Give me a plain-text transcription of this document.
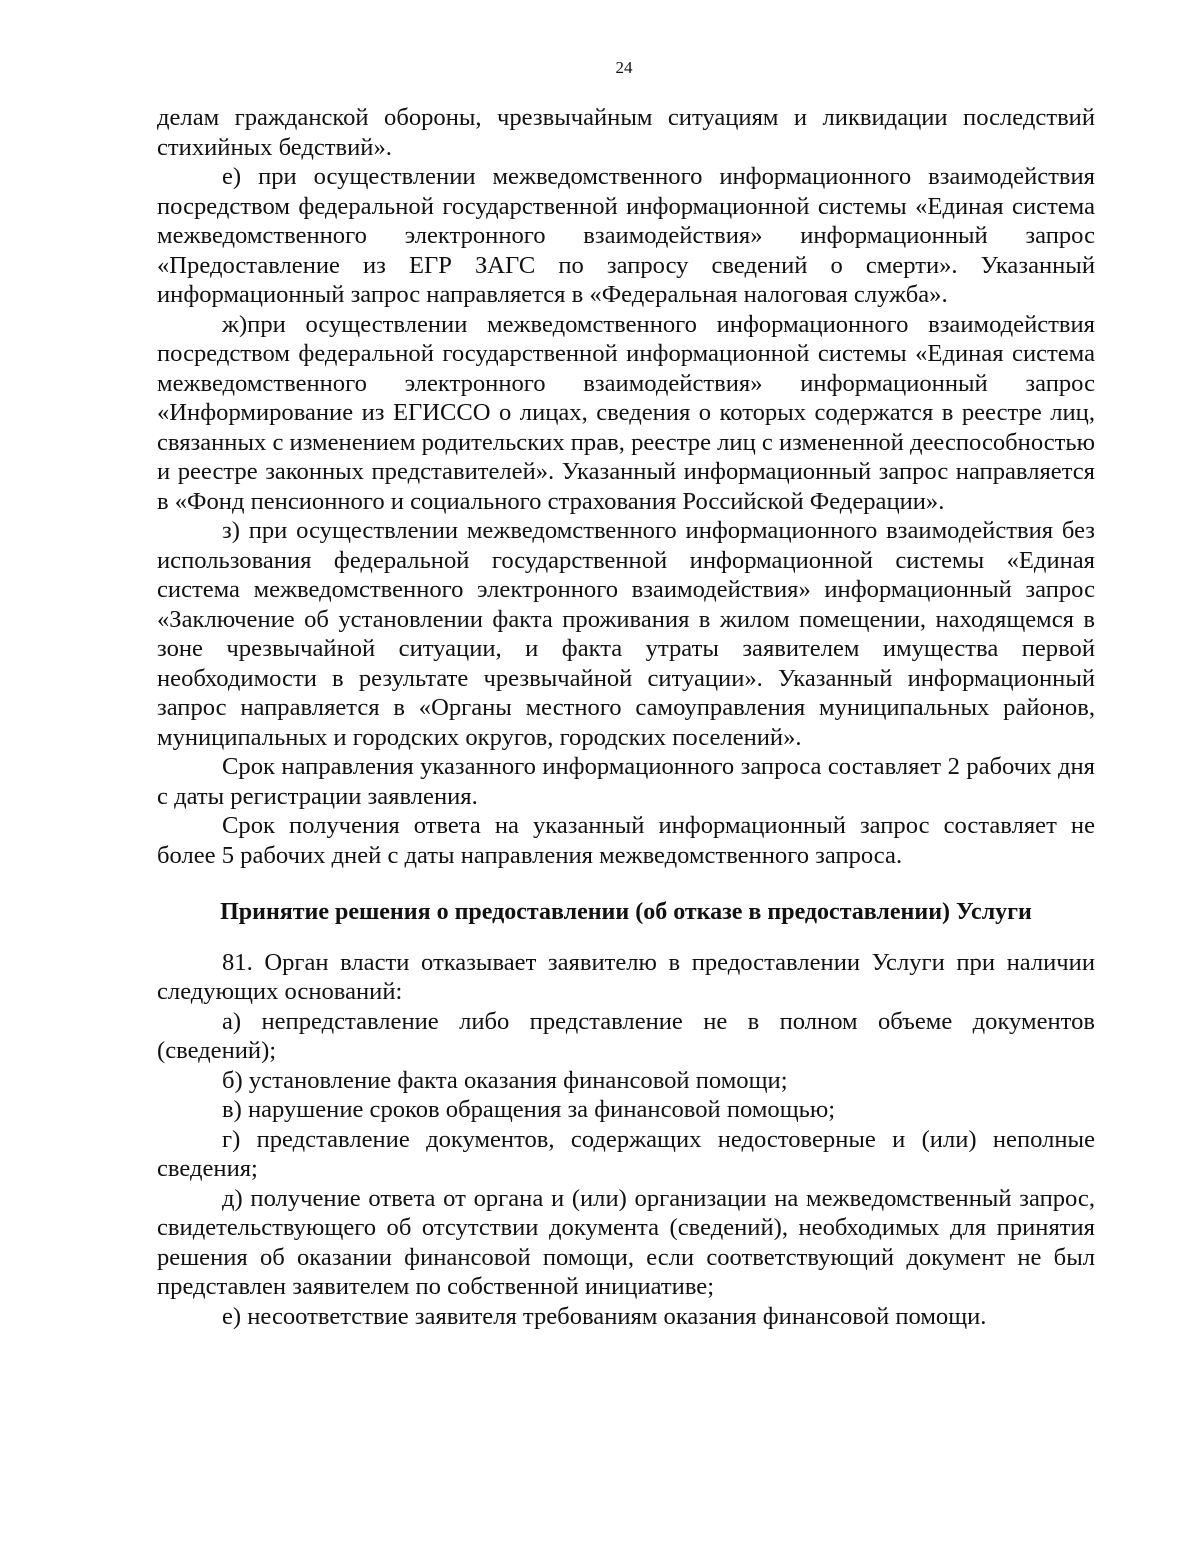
24

делам гражданской обороны, чрезвычайным ситуациям и ликвидации последствий стихийных бедствий».

е) при осуществлении межведомственного информационного взаимодействия посредством федеральной государственной информационной системы «Единая система межведомственного электронного взаимодействия» информационный запрос «Предоставление из ЕГР ЗАГС по запросу сведений о смерти». Указанный информационный запрос направляется в «Федеральная налоговая служба».

ж)при осуществлении межведомственного информационного взаимодействия посредством федеральной государственной информационной системы «Единая система межведомственного электронного взаимодействия» информационный запрос «Информирование из ЕГИССО о лицах, сведения о которых содержатся в реестре лиц, связанных с изменением родительских прав, реестре лиц с измененной дееспособностью и реестре законных представителей». Указанный информационный запрос направляется в «Фонд пенсионного и социального страхования Российской Федерации».

з) при осуществлении межведомственного информационного взаимодействия без использования федеральной государственной информационной системы «Единая система межведомственного электронного взаимодействия» информационный запрос «Заключение об установлении факта проживания в жилом помещении, находящемся в зоне чрезвычайной ситуации, и факта утраты заявителем имущества первой необходимости в результате чрезвычайной ситуации». Указанный информационный запрос направляется в «Органы местного самоуправления муниципальных районов, муниципальных и городских округов, городских поселений».

Срок направления указанного информационного запроса составляет 2 рабочих дня с даты регистрации заявления.

Срок получения ответа на указанный информационный запрос составляет не более 5 рабочих дней с даты направления межведомственного запроса.

Принятие решения о предоставлении (об отказе в предоставлении) Услуги

81. Орган власти отказывает заявителю в предоставлении Услуги при наличии следующих оснований:

а) непредставление либо представление не в полном объеме документов (сведений);

б) установление факта оказания финансовой помощи;

в) нарушение сроков обращения за финансовой помощью;

г) представление документов, содержащих недостоверные и (или) неполные сведения;

д) получение ответа от органа и (или) организации на межведомственный запрос, свидетельствующего об отсутствии документа (сведений), необходимых для принятия решения об оказании финансовой помощи, если соответствующий документ не был представлен заявителем по собственной инициативе;

е) несоответствие заявителя требованиям оказания финансовой помощи.
